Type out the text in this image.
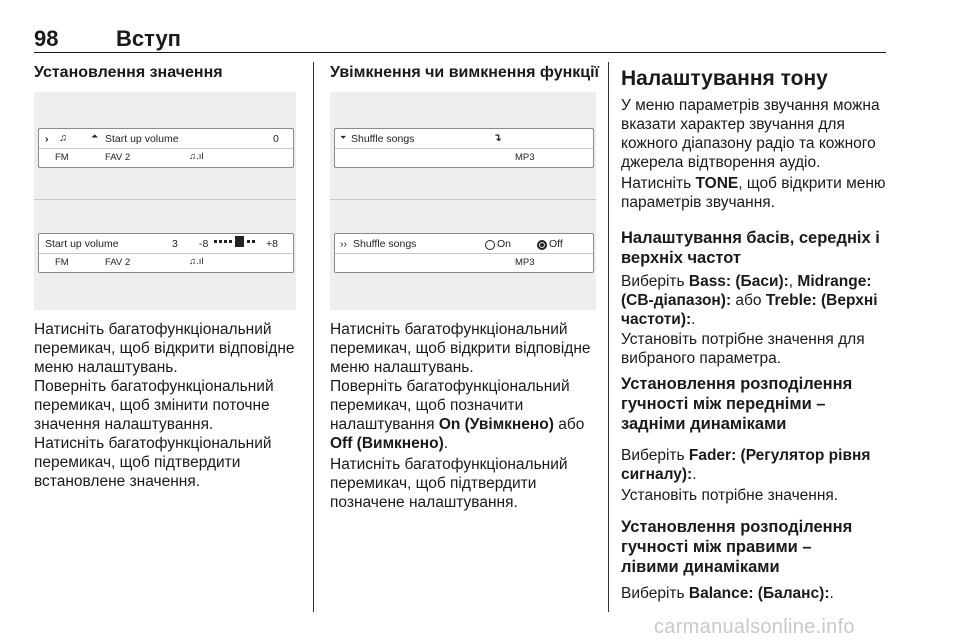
98	Вступ

Установлення значення

› ♫	⏶ Start up volume	0
FM	FAV 2	♫.ıl
Start up volume	3 -8	+8
FM	FAV 2	♫.ıl

Натисніть багатофункціональний перемикач, щоб відкрити відповідне меню налаштувань.

Поверніть багатофункціональний перемикач, щоб змінити поточне значення налаштування.

Натисніть багатофункціональний перемикач, щоб підтвердити встановлене значення.

Увімкнення чи вимкнення функції

⏷ Shuffle songs	↴
MP3
›› Shuffle songs	On	Off
MP3

Натисніть багатофункціональний перемикач, щоб відкрити відповідне меню налаштувань.

Поверніть багатофункціональний перемикач, щоб позначити налаштування On (Увімкнено) або Off (Вимкнено).

Натисніть багатофункціональний перемикач, щоб підтвердити позначене налаштування.

Налаштування тону

У меню параметрів звучання можна вказати характер звучання для кожного діапазону радіо та кожного джерела відтворення аудіо.

Натисніть TONE, щоб відкрити меню параметрів звучання.

Налаштування басів, середніх і верхніх частот

Виберіть Bass: (Баси):, Midrange: (СВ-діапазон): або Treble: (Верхні частоти):.

Установіть потрібне значення для вибраного параметра.

Установлення розподілення гучності між передніми – задніми динаміками

Виберіть Fader: (Регулятор рівня сигналу):.

Установіть потрібне значення.

Установлення розподілення гучності між правими – лівими динаміками

Виберіть Balance: (Баланс):.

carmanualsonline.info
